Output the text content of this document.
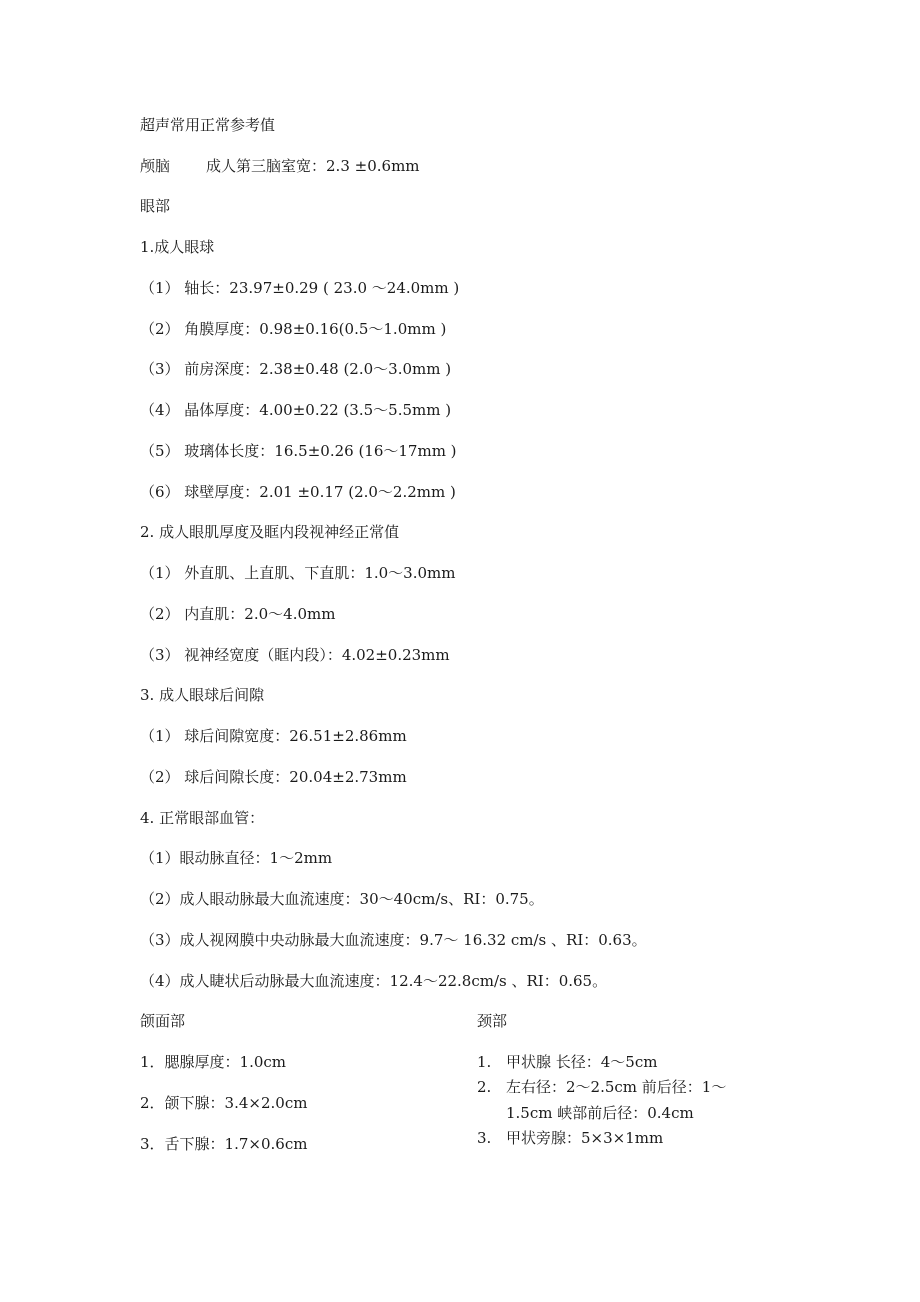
超声常用正常参考值
颅脑 成人第三脑室宽：2.3 ±0.6mm
眼部
1.成人眼球
（1） 轴长：23.97±0.29 ( 23.0 ～24.0mm )
（2） 角膜厚度：0.98±0.16(0.5～1.0mm )
（3） 前房深度：2.38±0.48 (2.0～3.0mm )
（4） 晶体厚度：4.00±0.22 (3.5～5.5mm )
（5） 玻璃体长度：16.5±0.26 (16～17mm )
（6） 球壁厚度：2.01 ±0.17 (2.0～2.2mm )
2. 成人眼肌厚度及眶内段视神经正常值
（1） 外直肌、上直肌、下直肌：1.0～3.0mm
（2） 内直肌：2.0～4.0mm
（3） 视神经宽度（眶内段）：4.02±0.23mm
3. 成人眼球后间隙
（1） 球后间隙宽度：26.51±2.86mm
（2） 球后间隙长度：20.04±2.73mm
4. 正常眼部血管：
（1）眼动脉直径：1～2mm
（2）成人眼动脉最大血流速度：30～40cm/s、RI：0.75。
（3）成人视网膜中央动脉最大血流速度：9.7～ 16.32 cm/s 、RI：0.63。
（4）成人睫状后动脉最大血流速度：12.4～22.8cm/s 、RI：0.65。
颌面部	颈部
1．腮腺厚度：1.0cm
2．颌下腺：3.4×2.0cm
3．舌下腺：1.7×0.6cm
1. 甲状腺 长径：4～5cm
2. 左右径：2～2.5cm 前后径：1～
1.5cm 峡部前后径：0.4cm
3. 甲状旁腺：5×3×1mm
